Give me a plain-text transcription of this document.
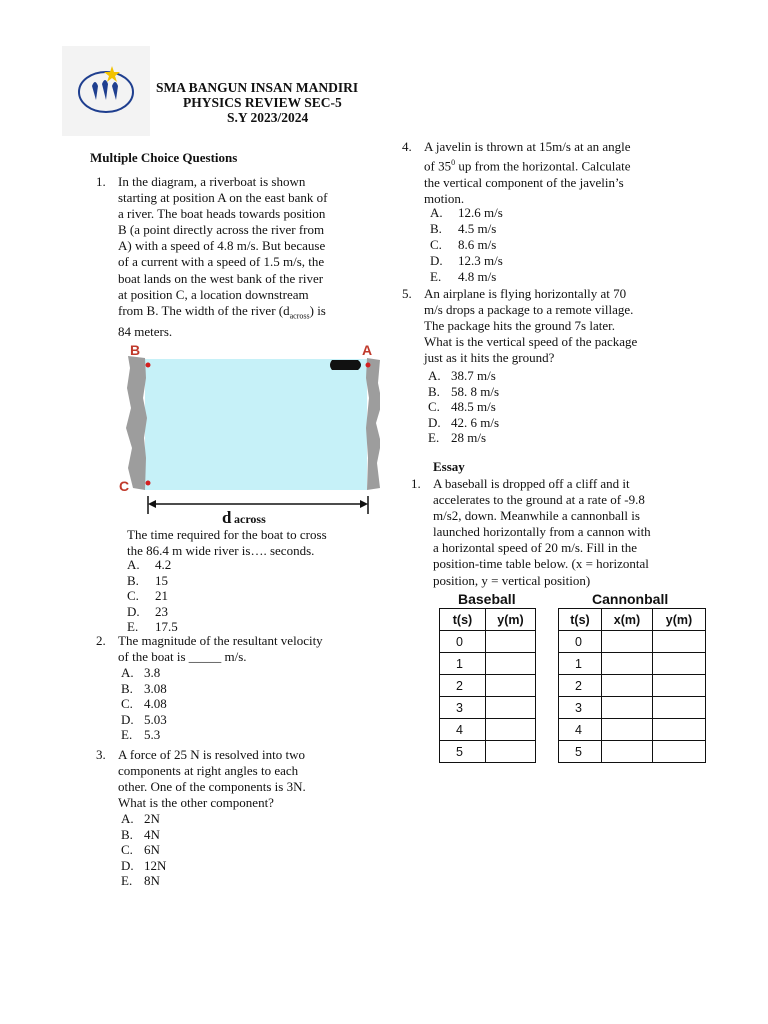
SMA BANGUN INSAN MANDIRI
PHYSICS REVIEW SEC-5
S.Y 2023/2024
Multiple Choice Questions
1. In the diagram, a riverboat is shown
starting at position A on the east bank of
a river. The boat heads towards position
B (a point directly across the river from
A) with a speed of 4.8 m/s. But because
of a current with a speed of 1.5 m/s, the
boat lands on the west bank of the river
at position C, a location downstream
from B. The width of the river $(d_{across})$ is
84 meters.
B	A
C
d across
The time required for the boat to cross
the 86.4 m wide river is…. seconds.
A. 4.2
B. 15
C. 21
D. 23
E. 17.5
2. The magnitude of the resultant velocity
of the boat is _____ m/s.
A. 3.8
B. 3.08
C. 4.08
D. 5.03
E. 5.3
3. A force of 25 N is resolved into two
components at right angles to each
other. One of the components is 3N.
What is the other component?
A. 2N
B. 4N
C. 6N
D. 12N
E. 8N
4. A javelin is thrown at 15m/s at an angle
of $35^0$ up from the horizontal. Calculate
the vertical component of the javelin’s
motion.
A. 12.6 m/s
B. 4.5 m/s
C. 8.6 m/s
D. 12.3 m/s
E. 4.8 m/s
5. An airplane is flying horizontally at 70
m/s drops a package to a remote village.
The package hits the ground 7s later.
What is the vertical speed of the package
just as it hits the ground?
A. 38.7 m/s
B. 58. 8 m/s
C. 48.5 m/s
D. 42. 6 m/s
E. 28 m/s
Essay
1. A baseball is dropped off a cliff and it
accelerates to the ground at a rate of -9.8
m/s2, down. Meanwhile a cannonball is
launched horizontally from a cannon with
a horizontal speed of 20 m/s. Fill in the
position-time table below. (x = horizontal
position, y = vertical position)
Baseball
t(s)	y(m)
0	
1	
2	
3	
4	
5	
Cannonball
t(s)	x(m)	y(m)
0		
1		
2		
3		
4		
5		
